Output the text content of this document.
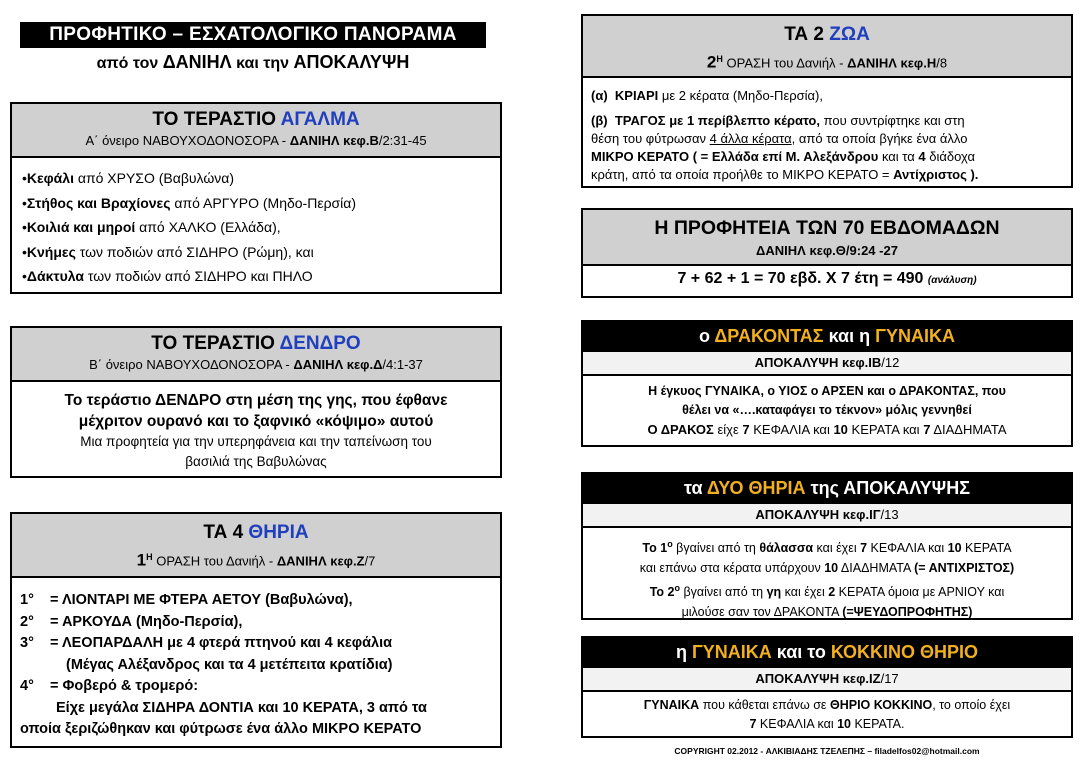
ΠΡΟΦΗΤΙΚΟ – ΕΣΧΑΤΟΛΟΓΙΚΟ ΠΑΝΟΡΑΜΑ
από τον ΔΑΝΙΗΛ και την ΑΠΟΚΑΛΥΨΗ
ΤΟ ΤΕΡΑΣΤΙΟ ΑΓΑΛΜΑ
Α΄ όνειρο ΝΑΒΟΥΧΟΔΟΝΟΣΟΡΑ - ΔΑΝΙΗΛ κεφ.Β/2:31-45
•Κεφάλι από ΧΡΥΣΟ (Βαβυλώνα)
•Στήθος και Βραχίονες από ΑΡΓΥΡΟ (Μηδο-Περσία)
•Κοιλιά και μηροί από ΧΑΛΚΟ (Ελλάδα),
•Κνήμες των ποδιών από ΣΙΔΗΡΟ (Ρώμη), και
•Δάκτυλα των ποδιών από ΣΙΔΗΡΟ και ΠΗΛΟ
ΤΟ ΤΕΡΑΣΤΙΟ ΔΕΝΔΡΟ
Β΄ όνειρο ΝΑΒΟΥΧΟΔΟΝΟΣΟΡΑ - ΔΑΝΙΗΛ κεφ.Δ/4:1-37
Το τεράστιο ΔΕΝΔΡΟ στη μέση της γης, που έφθανε
μέχριτον ουρανό και το ξαφνικό «κόψιμο» αυτού
Μια προφητεία για την υπερηφάνεια και την ταπείνωση του
βασιλιά της Βαβυλώνας
ΤΑ 4 ΘΗΡΙΑ
$1^H$ ΟΡΑΣΗ του Δανιήλ - ΔΑΝΙΗΛ κεφ.Ζ/7
1° = ΛΙΟΝΤΑΡΙ ΜΕ ΦΤΕΡΑ ΑΕΤΟΥ (Βαβυλώνα),
2° = ΑΡΚΟΥΔΑ (Μηδο-Περσία),
3° = ΛΕΟΠΑΡΔΑΛΗ με 4 φτερά πτηνού και 4 κεφάλια
(Μέγας Αλέξανδρος και τα 4 μετέπειτα κρατίδια)
4° = Φοβερό & τρομερό:
Είχε μεγάλα ΣΙΔΗΡΑ ΔΟΝΤΙΑ και 10 ΚΕΡΑΤΑ, 3 από τα
οποία ξεριζώθηκαν και φύτρωσε ένα άλλο ΜΙΚΡΟ ΚΕΡΑΤΟ
ΤΑ 2 ΖΩΑ
$2^H$ ΟΡΑΣΗ του Δανιήλ - ΔΑΝΙΗΛ κεφ.Η/8
(α) ΚΡΙΑΡΙ με 2 κέρατα (Μηδο-Περσία),
(β) ΤΡΑΓΟΣ με 1 περίβλεπτο κέρατο, που συντρίφτηκε και στη
θέση του φύτρωσαν 4 άλλα κέρατα, από τα οποία βγήκε ένα άλλο
ΜΙΚΡΟ ΚΕΡΑΤΟ ( = Ελλάδα επί Μ. Αλεξάνδρου και τα 4 διάδοχα
κράτη, από τα οποία προήλθε το ΜΙΚΡΟ ΚΕΡΑΤΟ = Αντίχριστος ).
Η ΠΡΟΦΗΤΕΙΑ ΤΩΝ 70 ΕΒΔΟΜΑΔΩΝ
ΔΑΝΙΗΛ κεφ.Θ/9:24 -27
7 + 62 + 1 = 70 εβδ. Χ 7 έτη = 490 (ανάλυση)
ο ΔΡΑΚΟΝΤΑΣ και η ΓΥΝΑΙΚΑ
ΑΠΟΚΑΛΥΨΗ κεφ.ΙΒ/12
Η έγκυος ΓΥΝΑΙΚΑ, ο ΥΙΟΣ ο ΑΡΣΕΝ και ο ΔΡΑΚΟΝΤΑΣ, που
θέλει να «….καταφάγει το τέκνον» μόλις γεννηθεί
Ο ΔΡΑΚΟΣ είχε 7 ΚΕΦΑΛΙΑ και 10 ΚΕΡΑΤΑ και 7 ΔΙΑΔΗΜΑΤΑ
τα ΔΥΟ ΘΗΡΙΑ της ΑΠΟΚΑΛΥΨΗΣ
ΑΠΟΚΑΛΥΨΗ κεφ.ΙΓ/13
Το $1^o$ βγαίνει από τη θάλασσα και έχει 7 ΚΕΦΑΛΙΑ και 10 ΚΕΡΑΤΑ
και επάνω στα κέρατα υπάρχουν 10 ΔΙΑΔΗΜΑΤΑ (= ΑΝΤΙΧΡΙΣΤΟΣ)
Το $2^o$ βγαίνει από τη γη και έχει 2 ΚΕΡΑΤΑ όμοια με ΑΡΝΙΟΥ και
μιλούσε σαν τον ΔΡΑΚΟΝΤΑ (=ΨΕΥΔΟΠΡΟΦΗΤΗΣ)
η ΓΥΝΑΙΚΑ και το ΚΟΚΚΙΝΟ ΘΗΡΙΟ
ΑΠΟΚΑΛΥΨΗ κεφ.ΙΖ/17
ΓΥΝΑΙΚΑ που κάθεται επάνω σε ΘΗΡΙΟ ΚΟΚΚΙΝΟ, το οποίο έχει
7 ΚΕΦΑΛΙΑ και 10 ΚΕΡΑΤΑ.
COPYRIGHT 02.2012 - ΑΛΚΙΒΙΑΔΗΣ ΤΖΕΛΕΠΗΣ – filadelfos02@hotmail.com
